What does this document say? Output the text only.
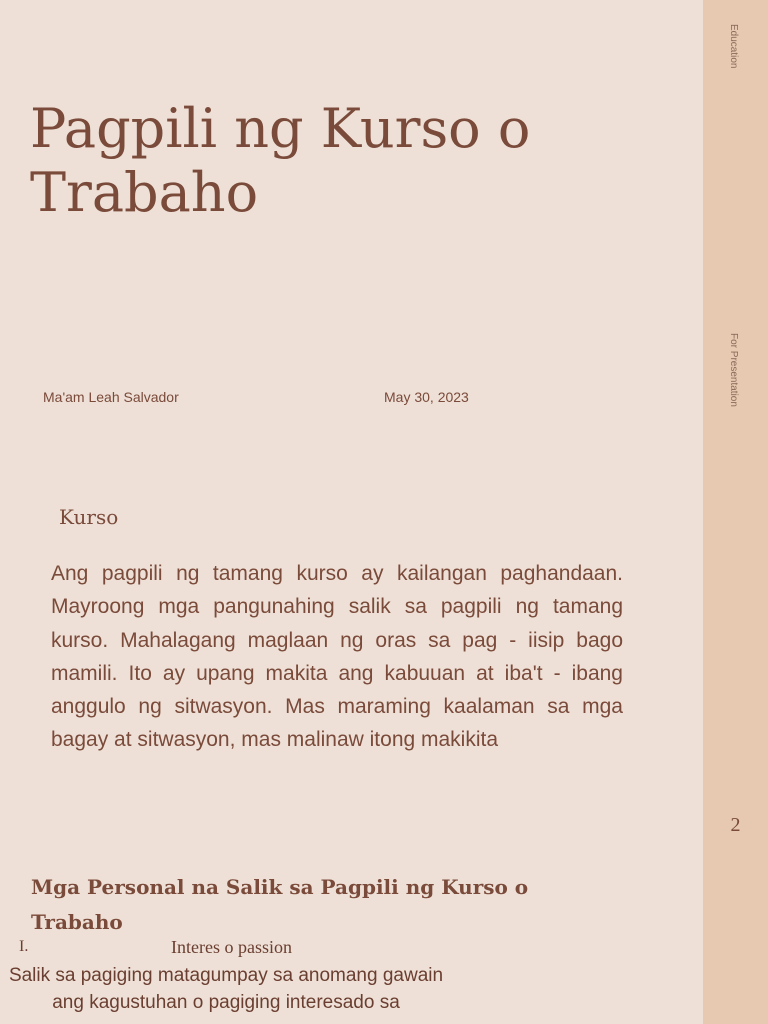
Pagpili ng Kurso o Trabaho
Ma'am Leah Salvador	May 30, 2023
Kurso

Ang pagpili ng tamang kurso ay kailangan paghandaan. Mayroong mga pangunahing salik sa pagpili ng tamang kurso. Mahalagang maglaan ng oras sa pag - iisip bago mamili. Ito ay upang makita ang kabuuan at iba't - ibang anggulo ng sitwasyon. Mas maraming kaalaman sa mga bagay at sitwasyon, mas malinaw itong makikita

Mga Personal na Salik sa Pagpili ng Kurso o Trabaho
I.	Interes o passion

Salik sa pagiging matagumpay sa anomang gawain ang kagustuhan o pagiging interesado sa

Education
For Presentation
2
